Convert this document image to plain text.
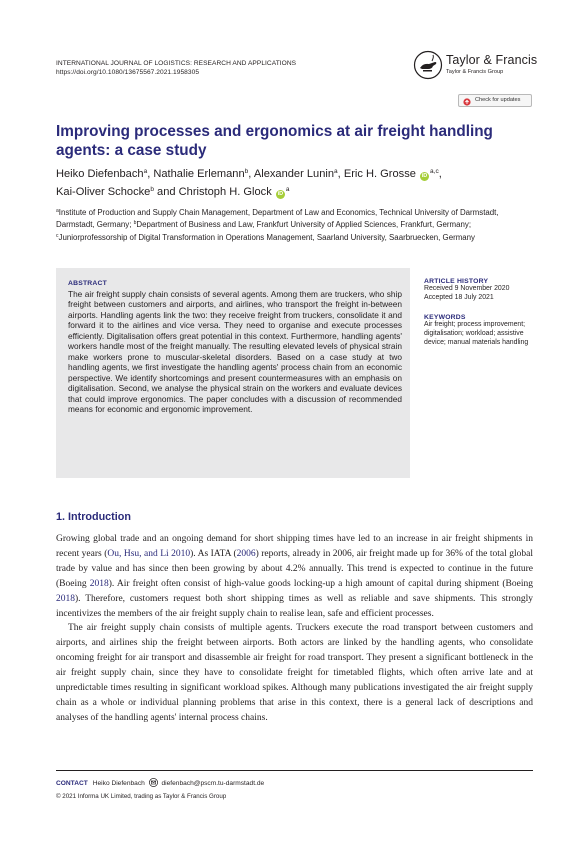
INTERNATIONAL JOURNAL OF LOGISTICS: RESEARCH AND APPLICATIONS
https://doi.org/10.1080/13675567.2021.1958305
Taylor & Francis
Taylor & Francis Group
Check for updates
Improving processes and ergonomics at air freight handling agents: a case study
Heiko Diefenbach$^a$, Nathalie Erlemann$^b$, Alexander Lunin$^a$, Eric H. Grosse iD$^{a,c}$,
Kai-Oliver Schocke$^b$ and Christoph H. Glock $iD^a$
$^a$Institute of Production and Supply Chain Management, Department of Law and Economics, Technical University of Darmstadt, Darmstadt, Germany; $^b$Department of Business and Law, Frankfurt University of Applied Sciences, Frankfurt, Germany; $^c$Juniorprofessorship of Digital Transformation in Operations Management, Saarland University, Saarbruecken, Germany
ABSTRACT
The air freight supply chain consists of several agents. Among them are truckers, who ship freight between customers and airports, and airlines, who transport the freight in-between airports. Handling agents link the two: they receive freight from truckers, consolidate it and forward it to the airlines and vice versa. They need to organise and execute processes efficiently. Digitalisation offers great potential in this context. Furthermore, handling agents' workers handle most of the freight manually. The resulting elevated levels of physical strain make workers prone to muscular-skeletal disorders. Based on a case study at two handling agents, we first investigate the handling agents' process chain from an economic perspective. We identify shortcomings and present countermeasures with an emphasis on digitalisation. Second, we analyse the physical strain on the workers and evaluate devices that could improve ergonomics. The paper concludes with a discussion of recommended means for economic and ergonomic improvement.
ARTICLE HISTORY
Received 9 November 2020
Accepted 18 July 2021
KEYWORDS
Air freight; process improvement; digitalisation; workload; assistive device; manual materials handling
1. Introduction

Growing global trade and an ongoing demand for short shipping times have led to an increase in air freight shipments in recent years (Ou, Hsu, and Li 2010). As IATA (2006) reports, already in 2006, air freight made up for 36% of the total global trade by value and has since then been growing by about 4.2% annually. This trend is expected to continue in the future (Boeing 2018). Air freight often consist of high-value goods locking-up a high amount of capital during shipment (Boeing 2018). Therefore, customers request both short shipping times as well as reliable and save shipments. This strongly incentivizes the members of the air freight supply chain to realise lean, safe and efficient processes.

The air freight supply chain consists of multiple agents. Truckers execute the road transport between customers and airports, and airlines ship the freight between airports. Both actors are linked by the handling agents, who consolidate oncoming freight for air transport and disassemble air freight for road transport. They present a significant bottleneck in the air freight supply chain, since they have to consolidate freight for timetabled flights, which often arrive late and at unpredictable times resulting in significant workload spikes. Although many publications investigated the air freight supply chain as a whole or individual planning problems that arise in this context, there is a general lack of descriptions and analyses of the handling agents' internal process chains.

CONTACT Heiko Diefenbach	diefenbach@pscm.tu-darmstadt.de
© 2021 Informa UK Limited, trading as Taylor & Francis Group
